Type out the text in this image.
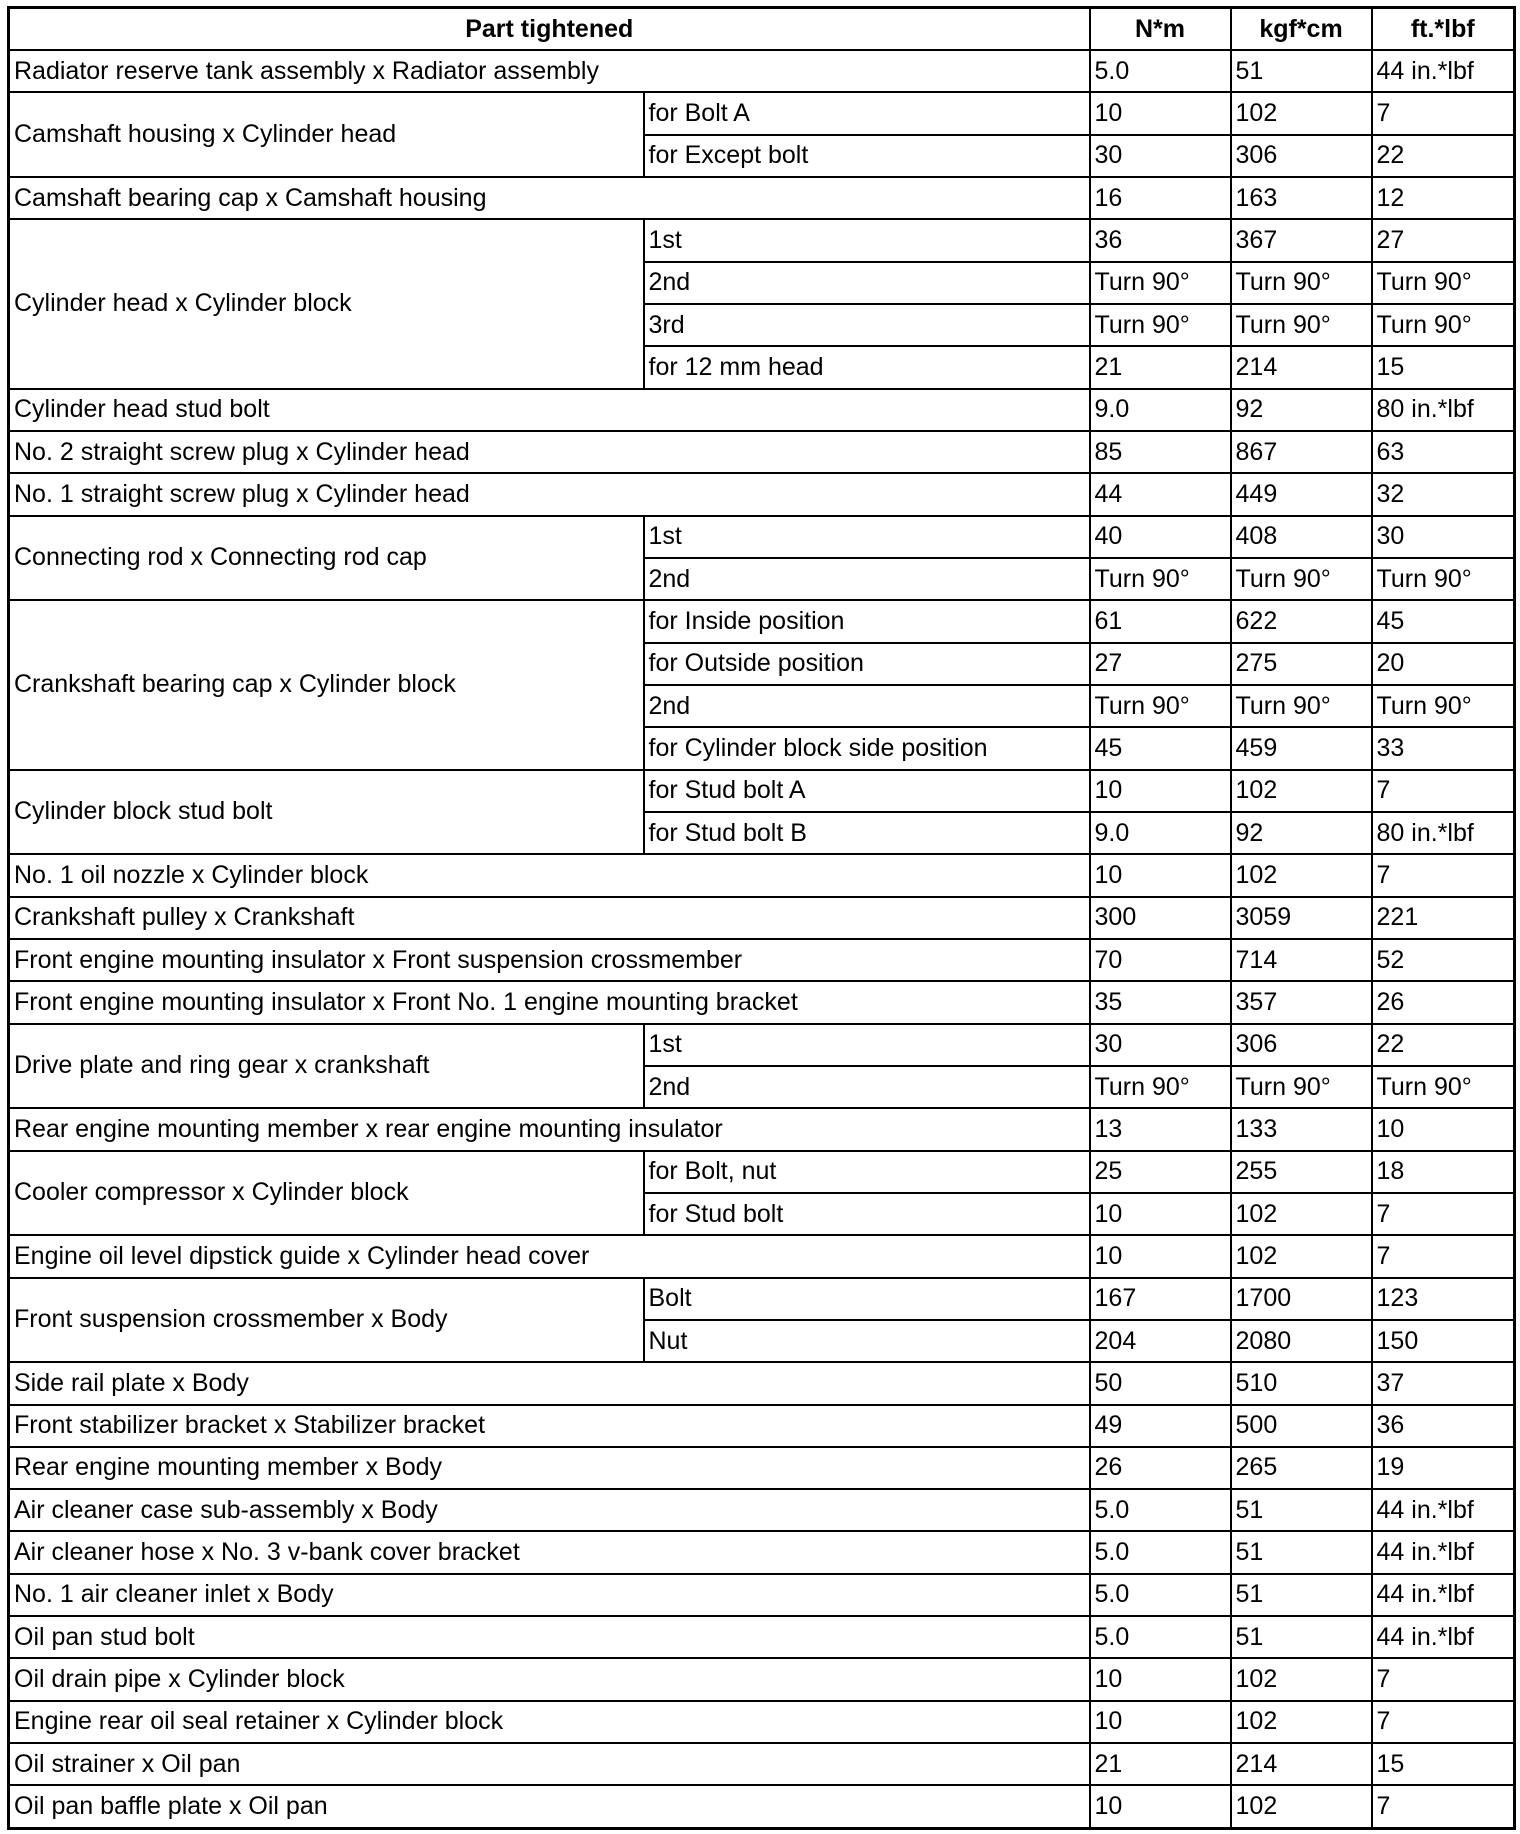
Part tightened		N*m	kgf*cm	ft.*lbf
Radiator reserve tank assembly x Radiator assembly		5.0	51	44 in.*lbf
Camshaft housing x Cylinder head	for Bolt A	10	102	7
	for Except bolt	30	306	22
Camshaft bearing cap x Camshaft housing		16	163	12
Cylinder head x Cylinder block	1st	36	367	27
	2nd	Turn 90°	Turn 90°	Turn 90°
	3rd	Turn 90°	Turn 90°	Turn 90°
	for 12 mm head	21	214	15
Cylinder head stud bolt		9.0	92	80 in.*lbf
No. 2 straight screw plug x Cylinder head		85	867	63
No. 1 straight screw plug x Cylinder head		44	449	32
Connecting rod x Connecting rod cap	1st	40	408	30
	2nd	Turn 90°	Turn 90°	Turn 90°
Crankshaft bearing cap x Cylinder block	for Inside position	61	622	45
	for Outside position	27	275	20
	2nd	Turn 90°	Turn 90°	Turn 90°
	for Cylinder block side position	45	459	33
Cylinder block stud bolt	for Stud bolt A	10	102	7
	for Stud bolt B	9.0	92	80 in.*lbf
No. 1 oil nozzle x Cylinder block		10	102	7
Crankshaft pulley x Crankshaft		300	3059	221
Front engine mounting insulator x Front suspension crossmember		70	714	52
Front engine mounting insulator x Front No. 1 engine mounting bracket		35	357	26
Drive plate and ring gear x crankshaft	1st	30	306	22
	2nd	Turn 90°	Turn 90°	Turn 90°
Rear engine mounting member x rear engine mounting insulator		13	133	10
Cooler compressor x Cylinder block	for Bolt, nut	25	255	18
	for Stud bolt	10	102	7
Engine oil level dipstick guide x Cylinder head cover		10	102	7
Front suspension crossmember x Body	Bolt	167	1700	123
	Nut	204	2080	150
Side rail plate x Body		50	510	37
Front stabilizer bracket x Stabilizer bracket		49	500	36
Rear engine mounting member x Body		26	265	19
Air cleaner case sub-assembly x Body		5.0	51	44 in.*lbf
Air cleaner hose x No. 3 v-bank cover bracket		5.0	51	44 in.*lbf
No. 1 air cleaner inlet x Body		5.0	51	44 in.*lbf
Oil pan stud bolt		5.0	51	44 in.*lbf
Oil drain pipe x Cylinder block		10	102	7
Engine rear oil seal retainer x Cylinder block		10	102	7
Oil strainer x Oil pan		21	214	15
Oil pan baffle plate x Oil pan		10	102	7
